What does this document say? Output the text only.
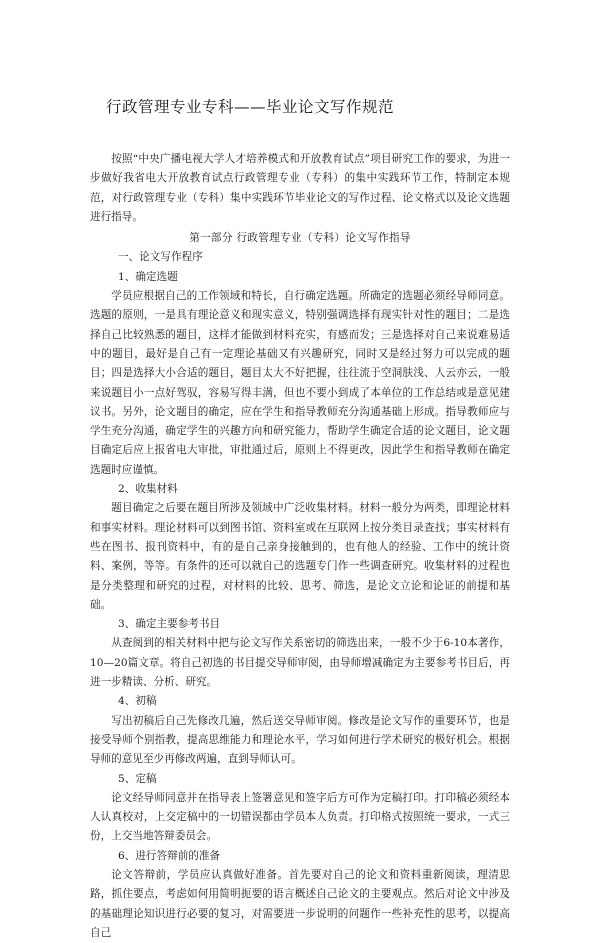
行政管理专业专科——毕业论文写作规范

按照“中央广播电视大学人才培养模式和开放教育试点”项目研究工作的要求，为进一步做好我省电大开放教育试点行政管理专业（专科）的集中实践环节工作，特制定本规范，对行政管理专业（专科）集中实践环节毕业论文的写作过程、论文格式以及论文选题进行指导。

第一部分 行政管理专业（专科）论文写作指导

一、论文写作程序

1、确定选题

学员应根据自己的工作领域和特长，自行确定选题。所确定的选题必须经导师同意。选题的原则，一是具有理论意义和现实意义，特别强调选择有现实针对性的题目；二是选择自己比较熟悉的题目，这样才能做到材料充实，有感而发；三是选择对自己来说难易适中的题目，最好是自己有一定理论基础又有兴趣研究，同时又是经过努力可以完成的题目；四是选择大小合适的题目，题目太大不好把握，往往流于空洞肤浅、人云亦云，一般来说题目小一点好驾驭，容易写得丰满，但也不要小到成了本单位的工作总结或是意见建议书。另外，论文题目的确定，应在学生和指导教师充分沟通基础上形成。指导教师应与学生充分沟通，确定学生的兴趣方向和研究能力，帮助学生确定合适的论文题目，论文题目确定后应上报省电大审批，审批通过后，原则上不得更改，因此学生和指导教师在确定选题时应谨慎。

2、收集材料

题目确定之后要在题目所涉及领域中广泛收集材料。材料一般分为两类，即理论材料和事实材料。理论材料可以到图书馆、资料室或在互联网上按分类目录查找；事实材料有些在图书、报刊资料中，有的是自己亲身接触到的，也有他人的经验、工作中的统计资料、案例，等等。有条件的还可以就自己的选题专门作一些调查研究。收集材料的过程也是分类整理和研究的过程，对材料的比较、思考、筛选，是论文立论和论证的前提和基础。

3、确定主要参考书目

从查阅到的相关材料中把与论文写作关系密切的筛选出来，一般不少于6-10本著作，10—20篇文章。将自己初选的书目提交导师审阅，由导师增减确定为主要参考书目后，再进一步精读、分析、研究。

4、初稿

写出初稿后自己先修改几遍，然后送交导师审阅。修改是论文写作的重要环节，也是接受导师个别指教，提高思维能力和理论水平，学习如何进行学术研究的极好机会。根据导师的意见至少再修改两遍，直到导师认可。

5、定稿

论文经导师同意并在指导表上签署意见和签字后方可作为定稿打印。打印稿必须经本人认真校对，上交定稿中的一切错误都由学员本人负责。打印格式按照统一要求，一式三份，上交当地答辩委员会。

6、进行答辩前的准备

论文答辩前，学员应认真做好准备。首先要对自己的论文和资料重新阅读，理清思路，抓住要点，考虑如何用简明扼要的语言概述自己论文的主要观点。然后对论文中涉及的基础理论知识进行必要的复习，对需要进一步说明的问题作一些补充性的思考，以提高自己
